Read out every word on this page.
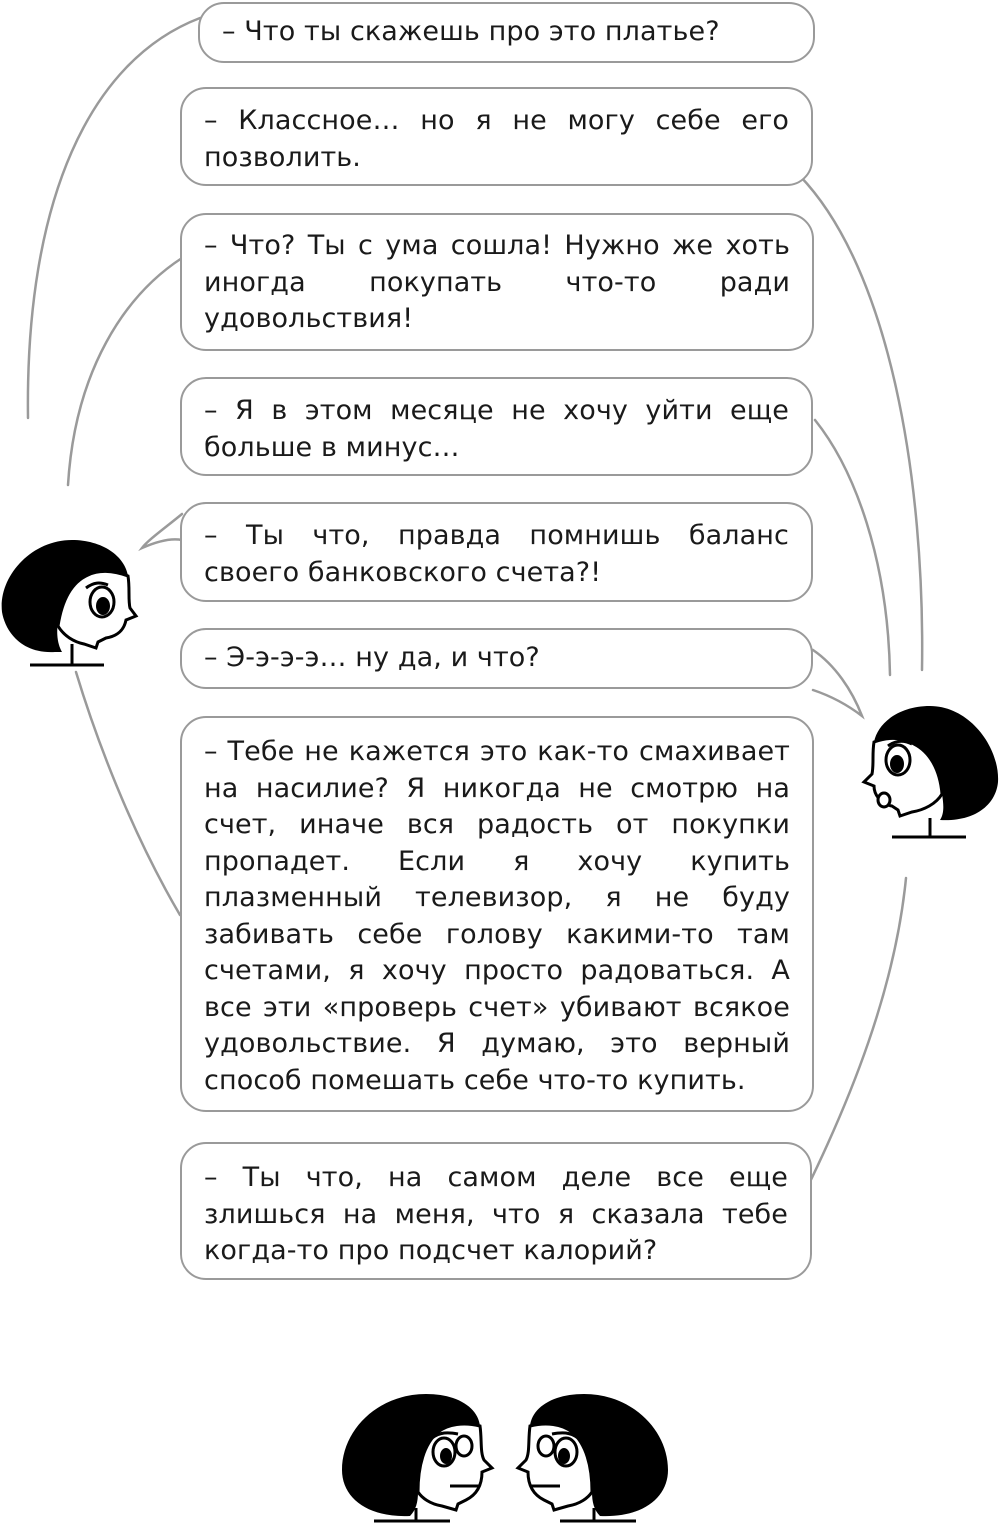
– Что ты скажешь про это платье?
– Классное… но я не могу себе его позволить.
– Что? Ты с ума сошла! Нужно же хоть иногда покупать что-то ради удовольствия!
– Я в этом месяце не хочу уйти еще больше в минус…
– Ты что, правда помнишь баланс своего банковского счета?!
– Э-э-э-э… ну да, и что?
– Тебе не кажется это как-то смахивает на насилие? Я никогда не смотрю на счет, иначе вся радость от покупки пропадет. Если я хочу купить плазменный телевизор, я не буду забивать себе голову какими-то там счетами, я хочу просто радоваться. А все эти «проверь счет» убивают всякое удовольствие. Я думаю, это верный способ помешать себе что-то купить.
– Ты что, на самом деле все еще злишься на меня, что я сказала тебе когда-то про подсчет калорий?
